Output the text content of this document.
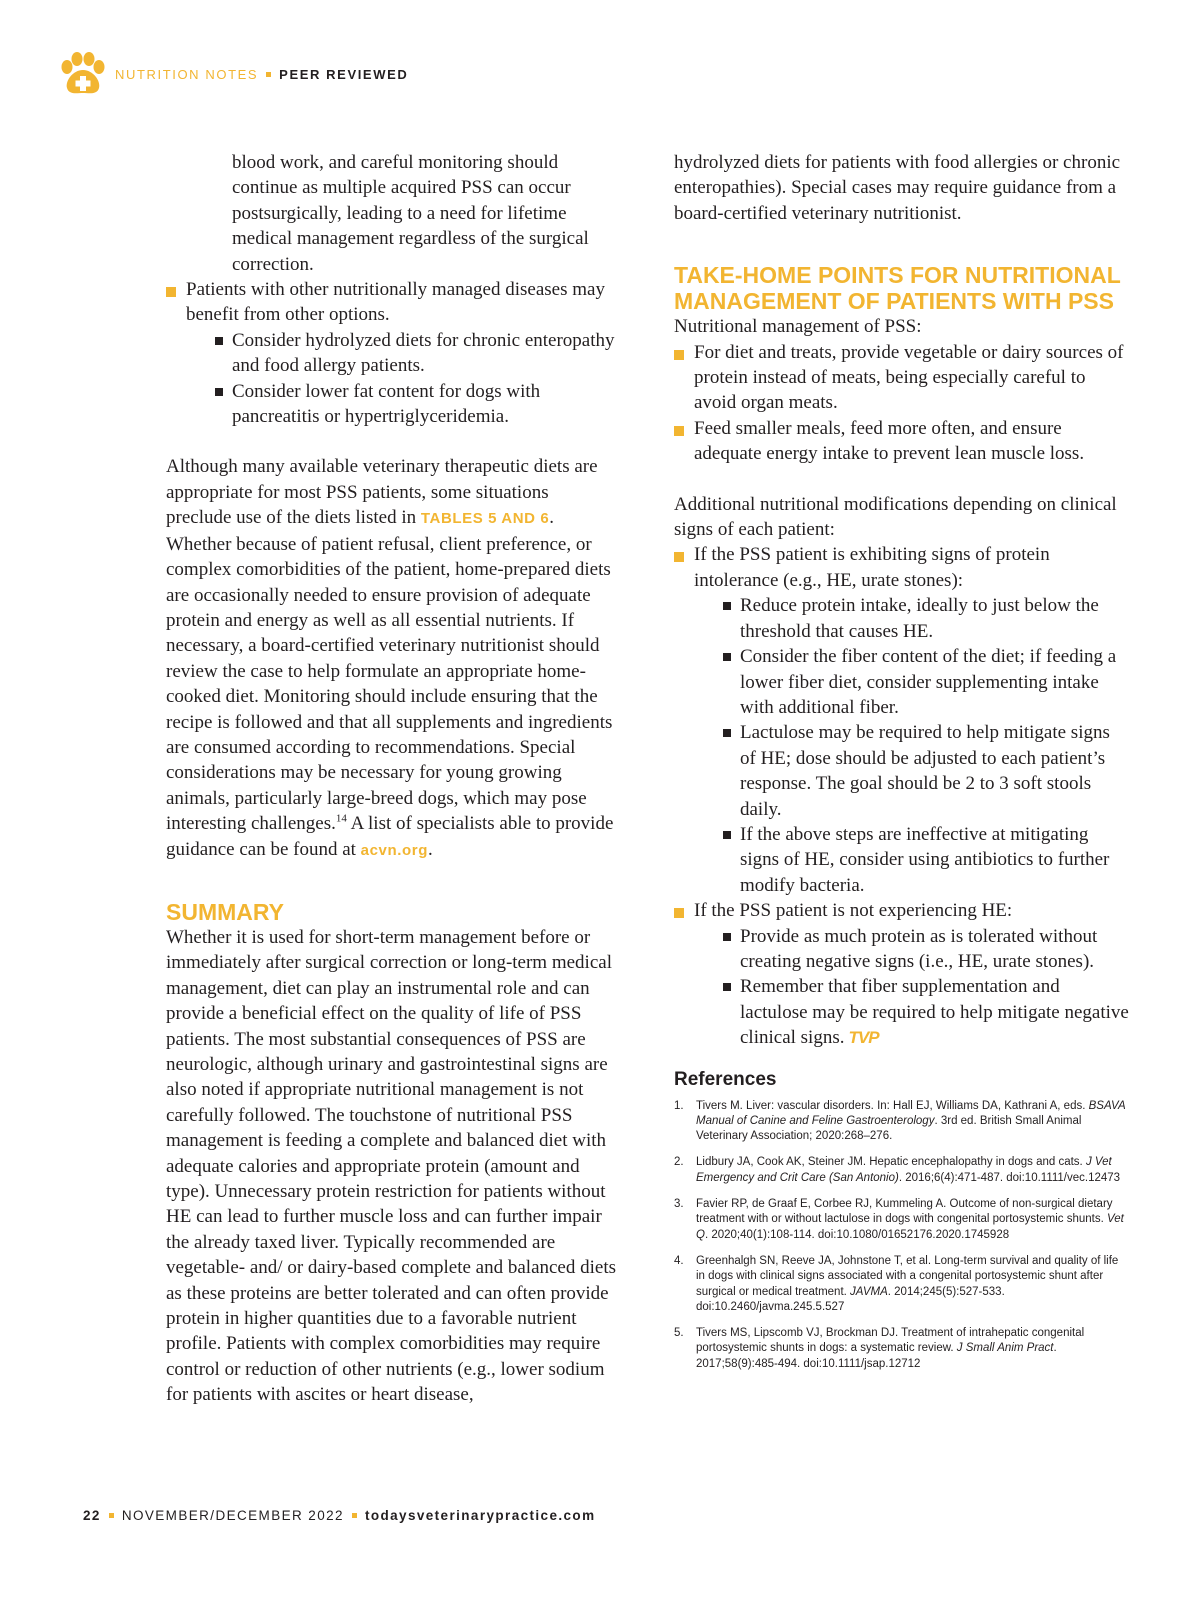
NUTRITION NOTES PEER REVIEWED

blood work, and careful monitoring should continue as multiple acquired PSS can occur postsurgically, leading to a need for lifetime medical management regardless of the surgical correction.

Patients with other nutritionally managed diseases may benefit from other options.
Consider hydrolyzed diets for chronic enteropathy and food allergy patients.
Consider lower fat content for dogs with pancreatitis or hypertriglyceridemia.

Although many available veterinary therapeutic diets are appropriate for most PSS patients, some situations preclude use of the diets listed in TABLES 5 AND 6. Whether because of patient refusal, client preference, or complex comorbidities of the patient, home-prepared diets are occasionally needed to ensure provision of adequate protein and energy as well as all essential nutrients. If necessary, a board-certified veterinary nutritionist should review the case to help formulate an appropriate home-cooked diet. Monitoring should include ensuring that the recipe is followed and that all supplements and ingredients are consumed according to recommendations. Special considerations may be necessary for young growing animals, particularly large-breed dogs, which may pose interesting challenges.$^{14}$ A list of specialists able to provide guidance can be found at acvn.org.

SUMMARY

Whether it is used for short-term management before or immediately after surgical correction or long-term medical management, diet can play an instrumental role and can provide a beneficial effect on the quality of life of PSS patients. The most substantial consequences of PSS are neurologic, although urinary and gastrointestinal signs are also noted if appropriate nutritional management is not carefully followed. The touchstone of nutritional PSS management is feeding a complete and balanced diet with adequate calories and appropriate protein (amount and type). Unnecessary protein restriction for patients without HE can lead to further muscle loss and can further impair the already taxed liver. Typically recommended are vegetable- and/ or dairy-based complete and balanced diets as these proteins are better tolerated and can often provide protein in higher quantities due to a favorable nutrient profile. Patients with complex comorbidities may require control or reduction of other nutrients (e.g., lower sodium for patients with ascites or heart disease,

hydrolyzed diets for patients with food allergies or chronic enteropathies). Special cases may require guidance from a board-certified veterinary nutritionist.

TAKE-HOME POINTS FOR NUTRITIONAL MANAGEMENT OF PATIENTS WITH PSS

Nutritional management of PSS:

For diet and treats, provide vegetable or dairy sources of protein instead of meats, being especially careful to avoid organ meats.
Feed smaller meals, feed more often, and ensure adequate energy intake to prevent lean muscle loss.

Additional nutritional modifications depending on clinical signs of each patient:

If the PSS patient is exhibiting signs of protein intolerance (e.g., HE, urate stones):
Reduce protein intake, ideally to just below the threshold that causes HE.
Consider the fiber content of the diet; if feeding a lower fiber diet, consider supplementing intake with additional fiber.
Lactulose may be required to help mitigate signs of HE; dose should be adjusted to each patient’s response. The goal should be 2 to 3 soft stools daily.
If the above steps are ineffective at mitigating signs of HE, consider using antibiotics to further modify bacteria.
If the PSS patient is not experiencing HE:
Provide as much protein as is tolerated without creating negative signs (i.e., HE, urate stones).
Remember that fiber supplementation and lactulose may be required to help mitigate negative clinical signs. TVP
References
1. Tivers M. Liver: vascular disorders. In: Hall EJ, Williams DA, Kathrani A, eds. BSAVA Manual of Canine and Feline Gastroenterology. 3rd ed. British Small Animal Veterinary Association; 2020:268–276.
2. Lidbury JA, Cook AK, Steiner JM. Hepatic encephalopathy in dogs and cats. J Vet Emergency and Crit Care (San Antonio). 2016;6(4):471-487. doi:10.1111/vec.12473
3. Favier RP, de Graaf E, Corbee RJ, Kummeling A. Outcome of non-surgical dietary treatment with or without lactulose in dogs with congenital portosystemic shunts. Vet Q. 2020;40(1):108-114. doi:10.1080/01652176.2020.1745928
4. Greenhalgh SN, Reeve JA, Johnstone T, et al. Long-term survival and quality of life in dogs with clinical signs associated with a congenital portosystemic shunt after surgical or medical treatment. JAVMA. 2014;245(5):527-533. doi:10.2460/javma.245.5.527
5. Tivers MS, Lipscomb VJ, Brockman DJ. Treatment of intrahepatic congenital portosystemic shunts in dogs: a systematic review. J Small Anim Pract. 2017;58(9):485-494. doi:10.1111/jsap.12712
22 NOVEMBER/DECEMBER 2022 todaysveterinarypractice.com
